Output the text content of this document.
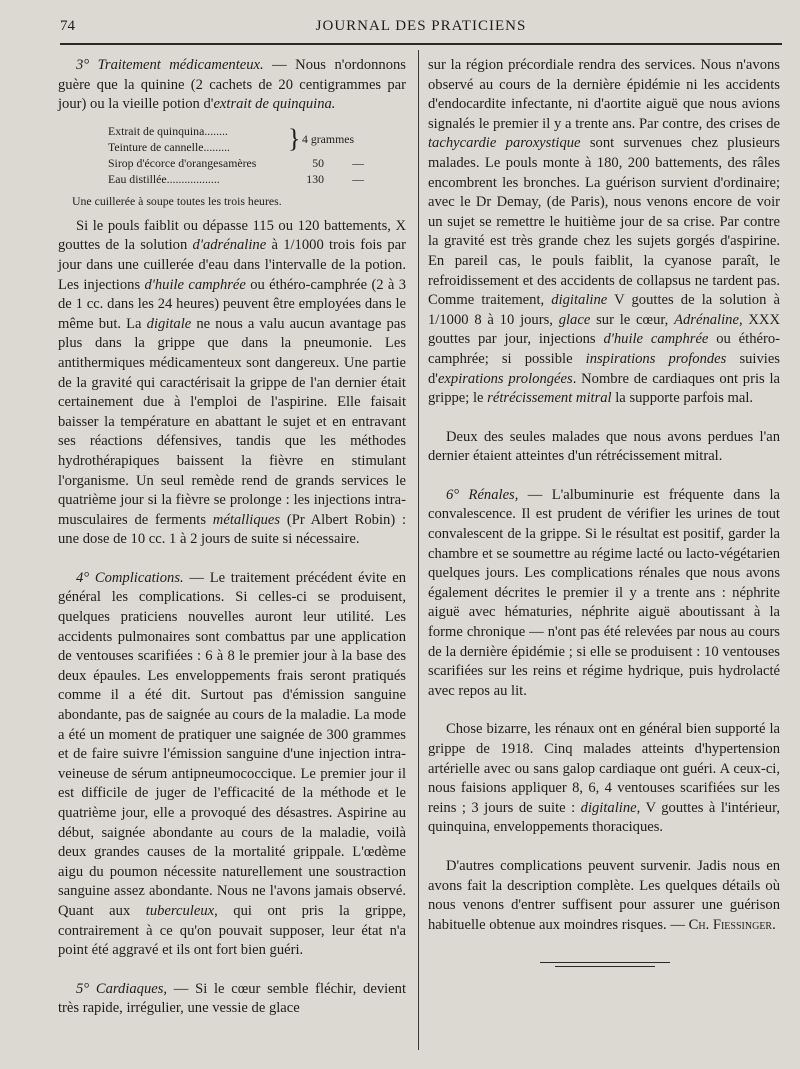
74	JOURNAL DES PRATICIENS

3° Traitement médicamenteux. — Nous n'ordonnons guère que la quinine (2 cachets de 20 centigrammes par jour) ou la vieille potion d'extrait de quinquina.

Extrait de quinquina........
Teinture de cannelle.........	} 4 grammes
Sirop d'écorce d'orangesamères	50	—
Eau distillée..................	130	—
Une cuillerée à soupe toutes les trois heures.

Si le pouls faiblit ou dépasse 115 ou 120 battements, X gouttes de la solution d'adrénaline à 1/1000 trois fois par jour dans une cuillerée d'eau dans l'intervalle de la potion. Les injections d'huile camphrée ou éthéro-camphrée (2 à 3 de 1 cc. dans les 24 heures) peuvent être employées dans le même but. La digitale ne nous a valu aucun avantage pas plus dans la grippe que dans la pneumonie. Les antithermiques médicamenteux sont dangereux. Une partie de la gravité qui caractérisait la grippe de l'an dernier était certainement due à l'emploi de l'aspirine. Elle faisait baisser la température en abattant le sujet et en entravant ses réactions défensives, tandis que les méthodes hydrothérapiques baissent la fièvre en stimulant l'organisme. Un seul remède rend de grands services le quatrième jour si la fièvre se prolonge : les injections intra-musculaires de ferments métalliques (Pr Albert Robin) : une dose de 10 cc. 1 à 2 jours de suite si nécessaire.

4° Complications. — Le traitement précédent évite en général les complications. Si celles-ci se produisent, quelques praticiens nouvelles auront leur utilité. Les accidents pulmonaires sont combattus par une application de ventouses scarifiées : 6 à 8 le premier jour à la base des deux épaules. Les enveloppements frais seront pratiqués comme il a été dit. Surtout pas d'émission sanguine abondante, pas de saignée au cours de la maladie. La mode a été un moment de pratiquer une saignée de 300 grammes et de faire suivre l'émission sanguine d'une injection intra-veineuse de sérum antipneumococcique. Le premier jour il est difficile de juger de l'efficacité de la méthode et le quatrième jour, elle a provoqué des désastres. Aspirine au début, saignée abondante au cours de la maladie, voilà deux grandes causes de la mortalité grippale. L'œdème aigu du poumon nécessite naturellement une soustraction sanguine assez abondante. Nous ne l'avons jamais observé. Quant aux tuberculeux, qui ont pris la grippe, contrairement à ce qu'on pouvait supposer, leur état n'a point été aggravé et ils ont fort bien guéri.

5° Cardiaques, — Si le cœur semble fléchir, devient très rapide, irrégulier, une vessie de glace

sur la région précordiale rendra des services. Nous n'avons observé au cours de la dernière épidémie ni les accidents d'endocardite infectante, ni d'aortite aiguë que nous avions signalés le premier il y a trente ans. Par contre, des crises de tachycardie paroxystique sont survenues chez plusieurs malades. Le pouls monte à 180, 200 battements, des râles encombrent les bronches. La guérison survient d'ordinaire; avec le Dr Demay, (de Paris), nous venons encore de voir un sujet se remettre le huitième jour de sa crise. Par contre la gravité est très grande chez les sujets gorgés d'aspirine. En pareil cas, le pouls faiblit, la cyanose paraît, le refroidissement et des accidents de collapsus ne tardent pas. Comme traitement, digitaline V gouttes de la solution à 1/1000 8 à 10 jours, glace sur le cœur, Adrénaline, XXX gouttes par jour, injections d'huile camphrée ou éthéro-camphrée; si possible inspirations profondes suivies d'expirations prolongées. Nombre de cardiaques ont pris la grippe; le rétrécissement mitral la supporte parfois mal.

Deux des seules malades que nous avons perdues l'an dernier étaient atteintes d'un rétrécissement mitral.

6° Rénales, — L'albuminurie est fréquente dans la convalescence. Il est prudent de vérifier les urines de tout convalescent de la grippe. Si le résultat est positif, garder la chambre et se soumettre au régime lacté ou lacto-végétarien quelques jours. Les complications rénales que nous avons également décrites le premier il y a trente ans : néphrite aiguë avec hématuries, néphrite aiguë aboutissant à la forme chronique — n'ont pas été relevées par nous au cours de la dernière épidémie ; si elle se produisent : 10 ventouses scarifiées sur les reins et régime hydrique, puis hydrolacté avec repos au lit.

Chose bizarre, les rénaux ont en général bien supporté la grippe de 1918. Cinq malades atteints d'hypertension artérielle avec ou sans galop cardiaque ont guéri. A ceux-ci, nous faisions appliquer 8, 6, 4 ventouses scarifiées sur les reins ; 3 jours de suite : digitaline, V gouttes à l'intérieur, quinquina, enveloppements thoraciques.

D'autres complications peuvent survenir. Jadis nous en avons fait la description complète. Les quelques détails où nous venons d'entrer suffisent pour assurer une guérison habituelle obtenue aux moindres risques. — Ch. Fiessinger.
